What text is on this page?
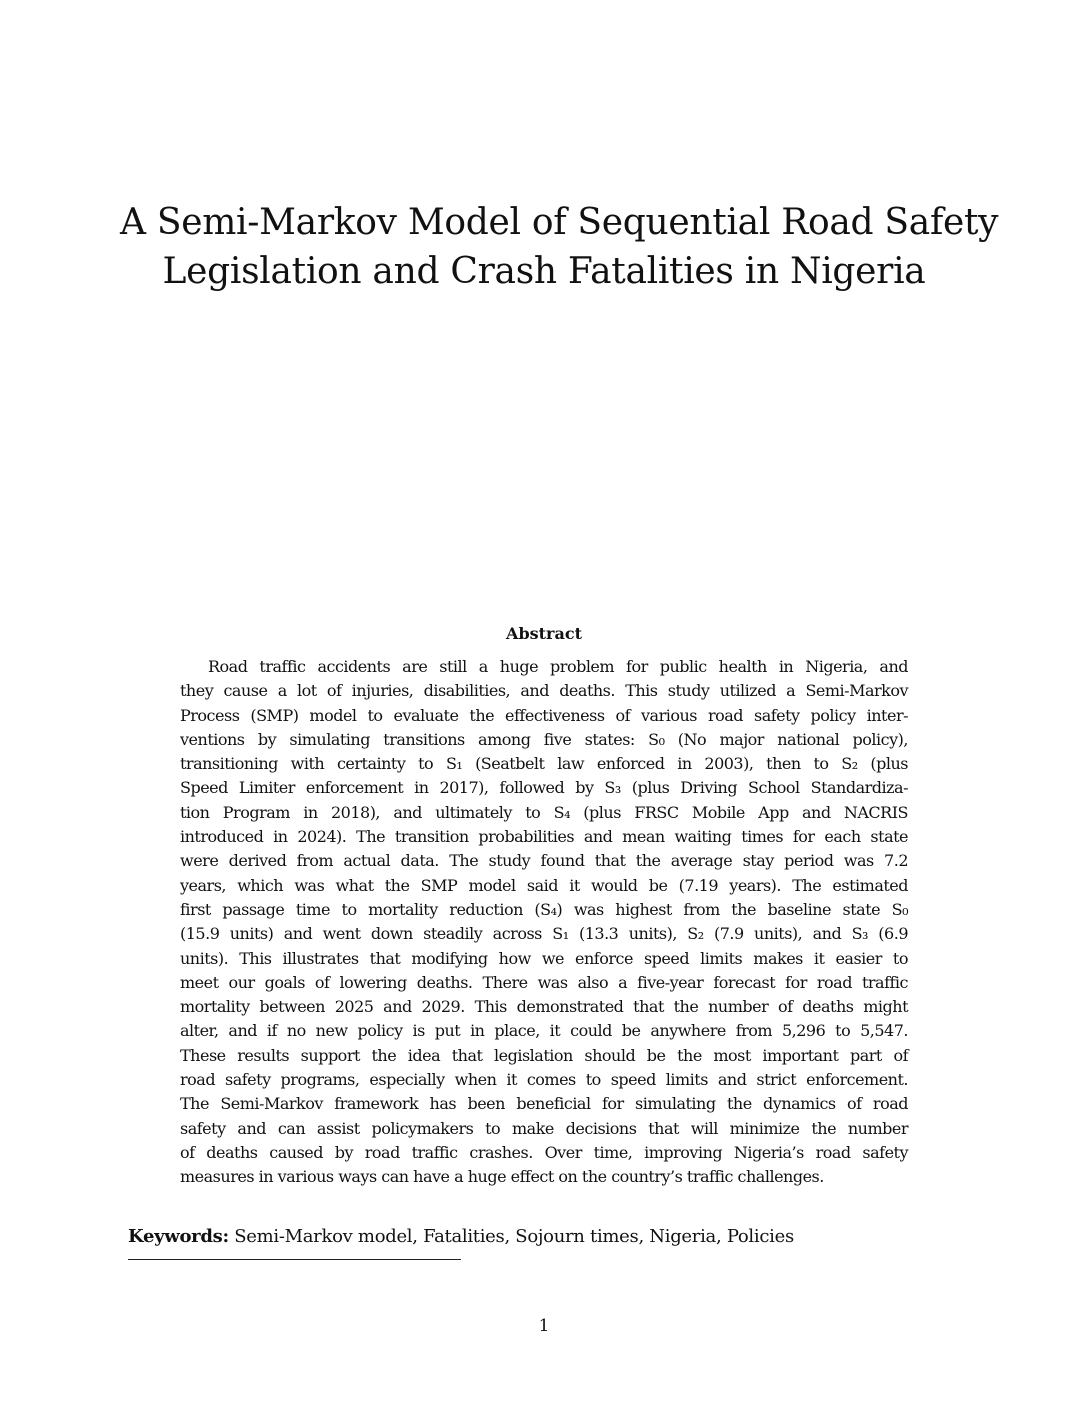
A Semi-Markov Model of Sequential Road Safety
Legislation and Crash Fatalities in Nigeria
Abstract
Road traffic accidents are still a huge problem for public health in Nigeria, and
they cause a lot of injuries, disabilities, and deaths. This study utilized a Semi-Markov
Process (SMP) model to evaluate the effectiveness of various road safety policy inter-
ventions by simulating transitions among five states: S₀ (No major national policy),
transitioning with certainty to S₁ (Seatbelt law enforced in 2003), then to S₂ (plus
Speed Limiter enforcement in 2017), followed by S₃ (plus Driving School Standardiza-
tion Program in 2018), and ultimately to S₄ (plus FRSC Mobile App and NACRIS
introduced in 2024). The transition probabilities and mean waiting times for each state
were derived from actual data. The study found that the average stay period was 7.2
years, which was what the SMP model said it would be (7.19 years). The estimated
first passage time to mortality reduction (S₄) was highest from the baseline state S₀
(15.9 units) and went down steadily across S₁ (13.3 units), S₂ (7.9 units), and S₃ (6.9
units). This illustrates that modifying how we enforce speed limits makes it easier to
meet our goals of lowering deaths. There was also a five-year forecast for road traffic
mortality between 2025 and 2029. This demonstrated that the number of deaths might
alter, and if no new policy is put in place, it could be anywhere from 5,296 to 5,547.
These results support the idea that legislation should be the most important part of
road safety programs, especially when it comes to speed limits and strict enforcement.
The Semi-Markov framework has been beneficial for simulating the dynamics of road
safety and can assist policymakers to make decisions that will minimize the number
of deaths caused by road traffic crashes. Over time, improving Nigeria’s road safety
measures in various ways can have a huge effect on the country’s traffic challenges.

Keywords: Semi-Markov model, Fatalities, Sojourn times, Nigeria, Policies

1
